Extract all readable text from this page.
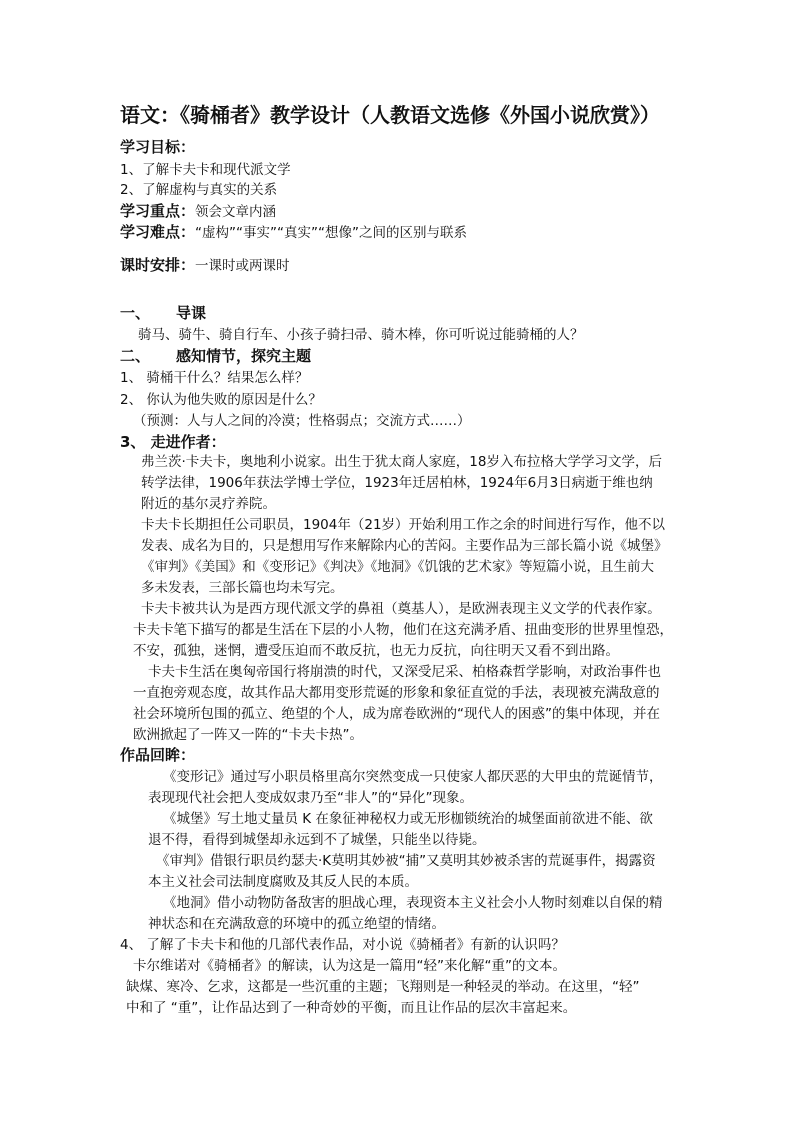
语文：《骑桶者》教学设计（人教语文选修《外国小说欣赏》）
学习目标：
1、了解卡夫卡和现代派文学
2、了解虚构与真实的关系
学习重点：领会文章内涵
学习难点：“虚构”“事实”“真实”“想像”之间的区别与联系
课时安排：一课时或两课时
一、 导课
骑马、骑牛、骑自行车、小孩子骑扫帚、骑木棒，你可听说过能骑桶的人？
二、 感知情节，探究主题
1、 骑桶干什么？结果怎么样？
2、 你认为他失败的原因是什么？
（预测：人与人之间的冷漠；性格弱点；交流方式……）
3、 走进作者：
弗兰茨·卡夫卡，奥地利小说家。出生于犹太商人家庭，18岁入布拉格大学学习文学，后
转学法律，1906年获法学博士学位，1923年迁居柏林，1924年6月3日病逝于维也纳
附近的基尔灵疗养院。
卡夫卡长期担任公司职员，1904年（21岁）开始利用工作之余的时间进行写作，他不以
发表、成名为目的，只是想用写作来解除内心的苦闷。主要作品为三部长篇小说《城堡》
《审判》《美国》和《变形记》《判决》《地洞》《饥饿的艺术家》等短篇小说，且生前大
多未发表，三部长篇也均未写完。
卡夫卡被共认为是西方现代派文学的鼻祖（奠基人），是欧洲表现主义文学的代表作家。
卡夫卡笔下描写的都是生活在下层的小人物，他们在这充满矛盾、扭曲变形的世界里惶恐，
不安，孤独，迷惘，遭受压迫而不敢反抗，也无力反抗，向往明天又看不到出路。
卡夫卡生活在奥匈帝国行将崩溃的时代，又深受尼采、柏格森哲学影响，对政治事件也
一直抱旁观态度，故其作品大都用变形荒诞的形象和象征直觉的手法，表现被充满敌意的
社会环境所包围的孤立、绝望的个人，成为席卷欧洲的“现代人的困惑”的集中体现，并在
欧洲掀起了一阵又一阵的“卡夫卡热”。
作品回眸：
《变形记》通过写小职员格里高尔突然变成一只使家人都厌恶的大甲虫的荒诞情节，
表现现代社会把人变成奴隶乃至“非人”的“异化”现象。
《城堡》写土地丈量员 K 在象征神秘权力或无形枷锁统治的城堡面前欲进不能、欲
退不得，看得到城堡却永远到不了城堡，只能坐以待毙。
《审判》借银行职员约瑟夫·K莫明其妙被“捕”又莫明其妙被杀害的荒诞事件，揭露资
本主义社会司法制度腐败及其反人民的本质。
《地洞》借小动物防备敌害的胆战心理，表现资本主义社会小人物时刻难以自保的精
神状态和在充满敌意的环境中的孤立绝望的情绪。
4、 了解了卡夫卡和他的几部代表作品，对小说《骑桶者》有新的认识吗？
卡尔维诺对《骑桶者》的解读，认为这是一篇用“轻”来化解“重”的文本。
缺煤、寒冷、乞求，这都是一些沉重的主题；飞翔则是一种轻灵的举动。在这里，“轻”
中和了 “重”，让作品达到了一种奇妙的平衡，而且让作品的层次丰富起来。
